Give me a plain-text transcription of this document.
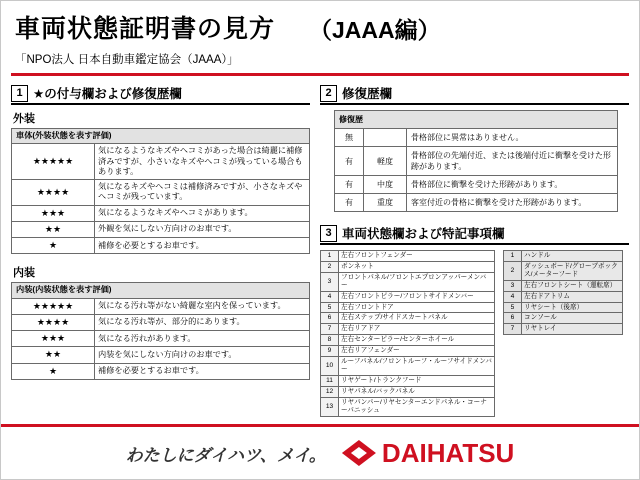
車両状態証明書の見方 （JAAA編）
「NPO法人 日本自動車鑑定協会（JAAA）」
1 ★の付与欄および修復歴欄
外装
車体(外装状態を表す評価)	
★★★★★	気になるようなキズやヘコミがあった場合は綺麗に補修済みですが、小さいなキズやヘコミが残っている場合もあります。
★★★★	気になるキズやヘコミは補修済みですが、小さなキズやヘコミが残っています。
★★★	気になるようなキズやヘコミがあります。
★★	外観を気にしない方向けのお車です。
★	補修を必要とするお車です。
内装
内装(内装状態を表す評価)	
★★★★★	気になる汚れ等がない綺麗な室内を保っています。
★★★★	気になる汚れ等が、部分的にあります。
★★★	気になる汚れがあります。
★★	内装を気にしない方向けのお車です。
★	補修を必要とするお車です。
2 修復歴欄
修復歴		
無		骨格部位に異常はありません。
有	軽度	骨格部位の先端付近、または後端付近に衝撃を受けた形跡があります。
有	中度	骨格部位に衝撃を受けた形跡があります。
有	重度	客室付近の骨格に衝撃を受けた形跡があります。
3 車両状態欄および特記事項欄
1	左右フロントフェンダー
2	ボンネット
3	フロントパネル/フロントエプロンアッパーメンバー
4	左右フロントピラー/フロントサイドメンバー
5	左右フロントドア
6	左右ステップ/サイドスカートパネル
7	左右リアドア
8	左右センターピラー/センターホイール
9	左右リアフェンダー
10	ルーフパネル/フロントルーフ・ルーフサイドメンバー
11	リヤゲート/トランクフード
12	リヤパネル/バックパネル
13	リヤパンパー/リヤセンターエンドパネル・コーナーパニッシュ
1	ハンドル
2	ダッシュボード/グローブボックス/メーターフード
3	左右フロントシート（運転席）
4	左右ドアトリム
5	リヤシート（後席）
6	コンソール
7	リヤトレイ
わたしにダイハツ、メイ。 DAIHATSU
